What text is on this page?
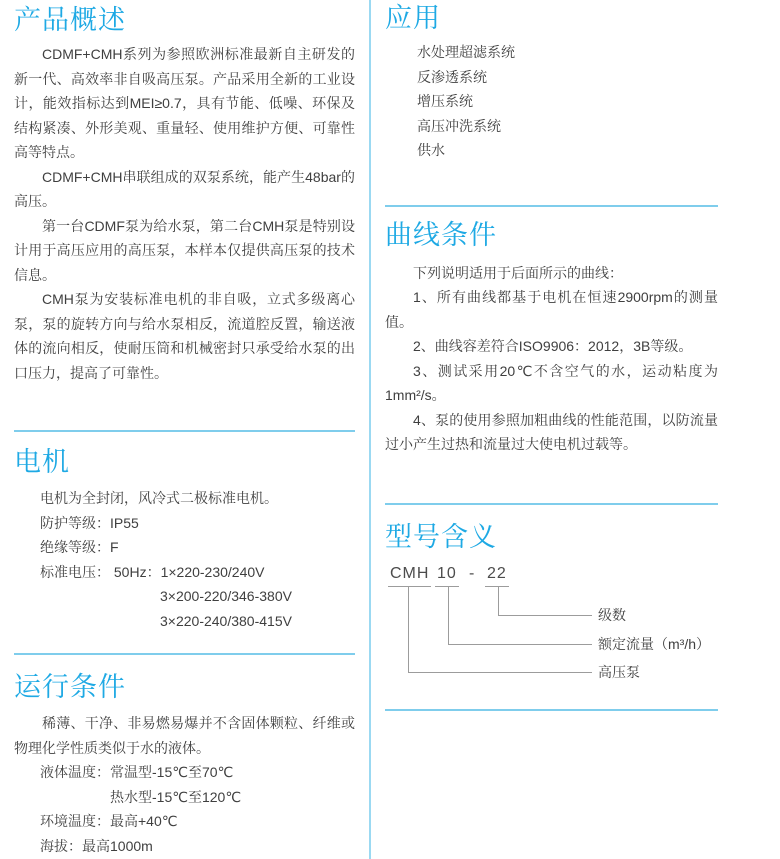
产品概述

CDMF+CMH系列为参照欧洲标准最新自主研发的新一代、高效率非自吸高压泵。产品采用全新的工业设计，能效指标达到MEI≥0.7，具有节能、低噪、环保及结构紧凑、外形美观、重量轻、使用维护方便、可靠性高等特点。

CDMF+CMH串联组成的双泵系统，能产生48bar的高压。

第一台CDMF泵为给水泵，第二台CMH泵是特别设计用于高压应用的高压泵，本样本仅提供高压泵的技术信息。

CMH泵为安装标准电机的非自吸，立式多级离心泵，泵的旋转方向与给水泵相反，流道腔反置，输送液体的流向相反，使耐压筒和机械密封只承受给水泵的出口压力，提高了可靠性。

电机
电机为全封闭，风冷式二极标准电机。
防护等级：IP55
绝缘等级：F
标准电压： 50Hz：1×220-230/240V
3×200-220/346-380V
3×220-240/380-415V
运行条件

稀薄、干净、非易燃易爆并不含固体颗粒、纤维或物理化学性质类似于水的液体。

液体温度：常温型-15℃至70℃
热水型-15℃至120℃
环境温度：最高+40℃
海拔：最高1000m
应用
水处理超滤系统
反渗透系统
增压系统
高压冲洗系统
供水
曲线条件

下列说明适用于后面所示的曲线：

1、所有曲线都基于电机在恒速2900rpm的测量值。

2、曲线容差符合ISO9906：2012，3B等级。

3、测试采用20℃不含空气的水，运动粘度为1mm²/s。

4、泵的使用参照加粗曲线的性能范围，以防流量过小产生过热和流量过大使电机过载等。

型号含义
CMH 10 - 22
级数
额定流量（m³/h）
高压泵
